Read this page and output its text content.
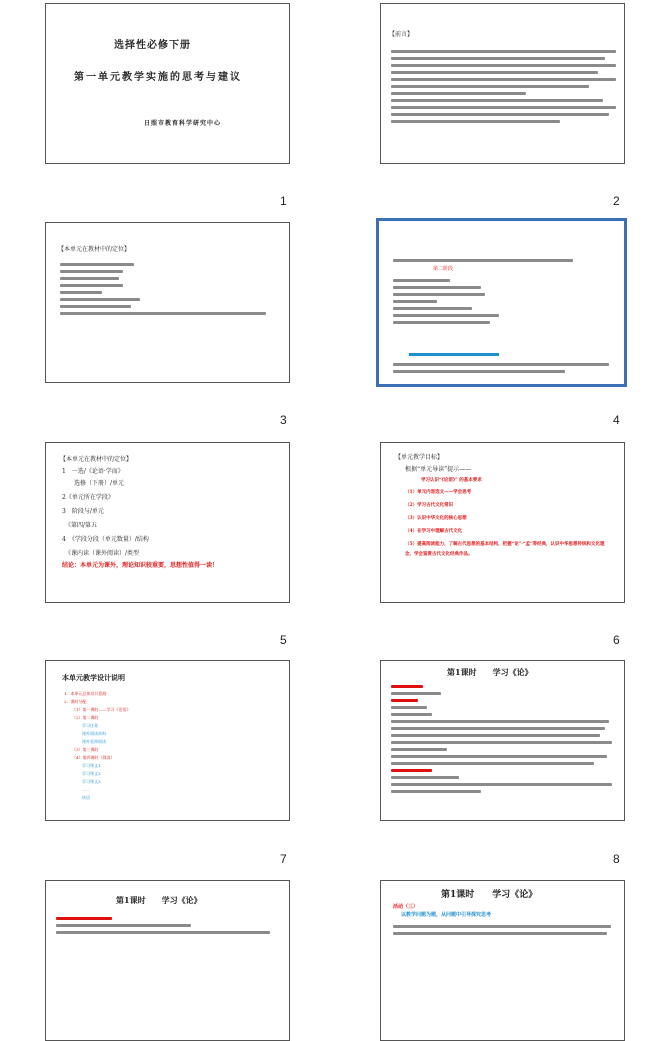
选择性必修下册
第一单元教学实施的思考与建议
日照市教育科学研究中心
1
【前言】
2
【本单元在教材中的定位】
3
第二阶段
4
【本单元在教材中的定位】
1　一选/《论语·学而》
　　选修（下册）/单元
2《单元所在学段》
3　阶段与/单元
　《第四/第五
4　《学段分段（单元数量）/结构
　《课内读（课外阅读）/类型
结论：本单元为课外，理论知识较重要，思想性值得一读！
5
【单元教学目标】
根据“单元导读”提示——
学习认识“《论语》” 的基本要求
（1）单元内容选文——学会思考
（2）学习古代文化常识
（3）认识中华文化的核心思想
（4）在学习中理解古代文化
（5）提高阅读能力，了解古代思想的基本结构，把握“论”·“孟”等经典，认识中华思想传统和文化理念，学会鉴赏古代文化经典作品。
6
本单元教学设计说明
1．本单元总体设计思路
2．课时分配
（1）第一课时——学习《论语》
（2）第二课时
　学习任务
　课外阅读材料
　课外延伸阅读
（3）第三课时
（4）第四课时（阅读）
　学习课文1
　学习课文2
　学习课文3
　……
　结语
7
第1课时　　学习《论》
8
第1课时　　学习《论》	第1课时　　学习《论》
活动（三）
以教学问题为题，从问题中引导探究思考
